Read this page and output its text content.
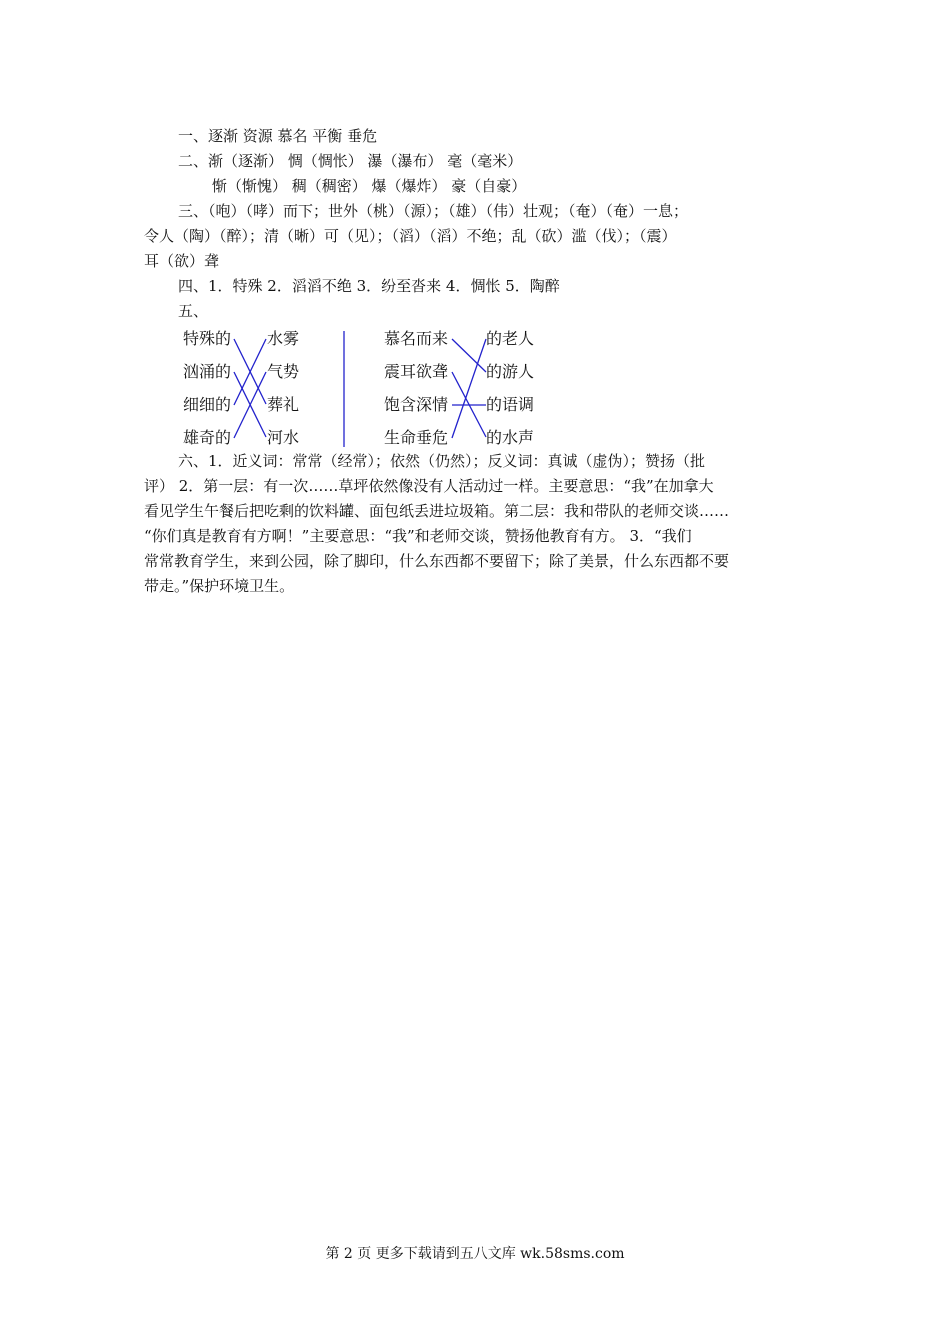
一、逐渐 资源 慕名 平衡 垂危
二、渐（逐渐） 惆（惆怅） 瀑（瀑布） 毫（毫米）
惭（惭愧） 稠（稠密） 爆（爆炸） 豪（自豪）
三、（咆）（哮）而下；世外（桃）（源）；（雄）（伟）壮观；（奄）（奄）一息；
令人（陶）（醉）；清（晰）可（见）；（滔）（滔）不绝；乱（砍）滥（伐）；（震）
耳（欲）聋
四、1．特殊 2．滔滔不绝 3．纷至沓来 4．惆怅 5．陶醉
五、
特殊的
汹涌的
细细的
雄奇的
水雾
气势
葬礼
河水
慕名而来
震耳欲聋
饱含深情
生命垂危
的老人
的游人
的语调
的水声
六、1．近义词：常常（经常）；依然（仍然）；反义词：真诚（虚伪）；赞扬（批
评） 2．第一层：有一次……草坪依然像没有人活动过一样。主要意思：“我”在加拿大
看见学生午餐后把吃剩的饮料罐、面包纸丢进垃圾箱。第二层：我和带队的老师交谈……
“你们真是教育有方啊！”主要意思：“我”和老师交谈，赞扬他教育有方。 3．“我们
常常教育学生，来到公园，除了脚印，什么东西都不要留下；除了美景，什么东西都不要
带走。”保护环境卫生。
第 2 页 更多下载请到五八文库 wk.58sms.com
